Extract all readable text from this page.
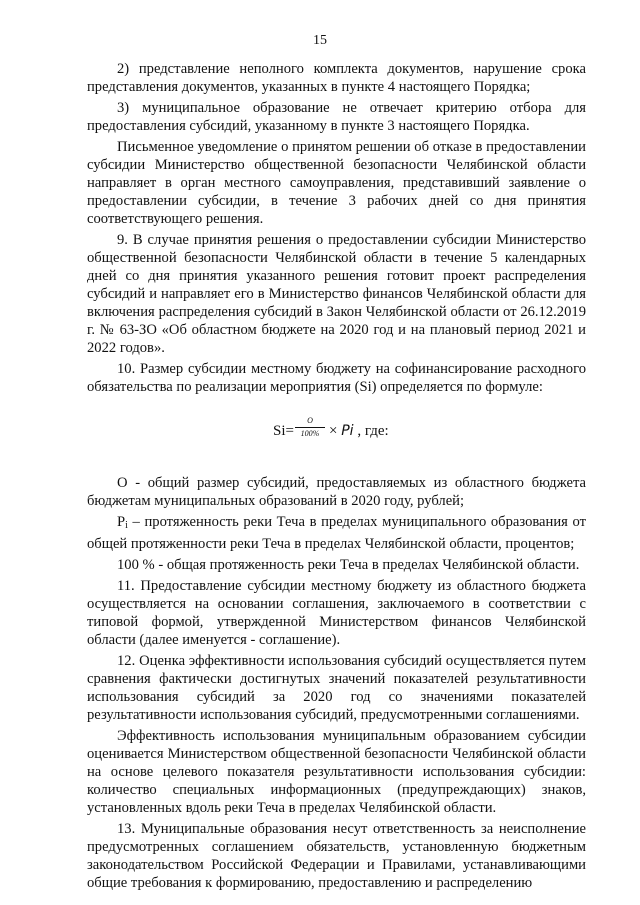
15

2) представление неполного комплекта документов, нарушение срока представления документов, указанных в пункте 4 настоящего Порядка;

3) муниципальное образование не отвечает критерию отбора для предоставления субсидий, указанному в пункте 3 настоящего Порядка.

Письменное уведомление о принятом решении об отказе в предоставлении субсидии Министерство общественной безопасности Челябинской области направляет в орган местного самоуправления, представивший заявление о предоставлении субсидии, в течение 3 рабочих дней со дня принятия соответствующего решения.

9. В случае принятия решения о предоставлении субсидии Министерство общественной безопасности Челябинской области в течение 5 календарных дней со дня принятия указанного решения готовит проект распределения субсидий и направляет его в Министерство финансов Челябинской области для включения распределения субсидий в Закон Челябинской области от 26.12.2019 г. № 63-ЗО «Об областном бюджете на 2020 год и на плановый период 2021 и 2022 годов».

10. Размер субсидии местному бюджету на софинансирование расходного обязательства по реализации мероприятия (Si) определяется по формуле:

$Si= \frac{O}{100\%} \times Pi$ , где:

О - общий размер субсидий, предоставляемых из областного бюджета бюджетам муниципальных образований в 2020 году, рублей;

$P_i$ – протяженность реки Теча в пределах муниципального образования от общей протяженности реки Теча в пределах Челябинской области, процентов;

100 % - общая протяженность реки Теча в пределах Челябинской области.

11. Предоставление субсидии местному бюджету из областного бюджета осуществляется на основании соглашения, заключаемого в соответствии с типовой формой, утвержденной Министерством финансов Челябинской области (далее именуется - соглашение).

12. Оценка эффективности использования субсидий осуществляется путем сравнения фактически достигнутых значений показателей результативности использования субсидий за 2020 год со значениями показателей результативности использования субсидий, предусмотренными соглашениями.

Эффективность использования муниципальным образованием субсидии оценивается Министерством общественной безопасности Челябинской области на основе целевого показателя результативности использования субсидии: количество специальных информационных (предупреждающих) знаков, установленных вдоль реки Теча в пределах Челябинской области.

13. Муниципальные образования несут ответственность за неисполнение предусмотренных соглашением обязательств, установленную бюджетным законодательством Российской Федерации и Правилами, устанавливающими общие требования к формированию, предоставлению и распределению
